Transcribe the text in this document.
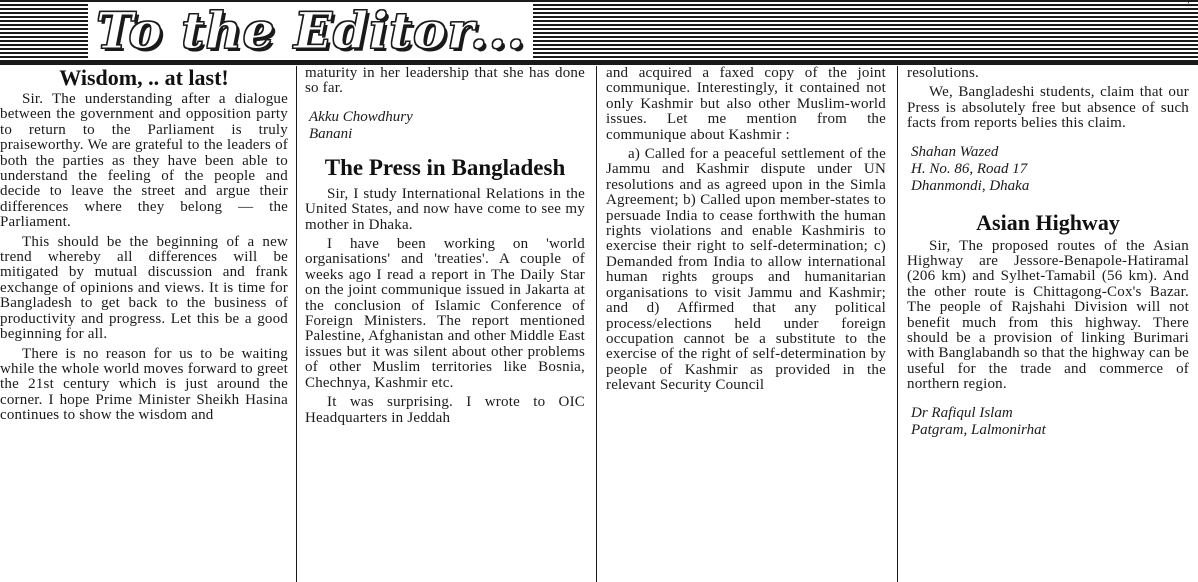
To the Editor...	'
Wisdom, .. at last!

Sir. The understanding after a dialogue between the government and opposition party to return to the Parliament is truly praiseworthy. We are grateful to the leaders of both the parties as they have been able to understand the feeling of the people and decide to leave the street and argue their differences where they belong — the Parliament.

This should be the beginning of a new trend whereby all differences will be mitigated by mutual discussion and frank exchange of opinions and views. It is time for Bangladesh to get back to the business of productivity and progress. Let this be a good beginning for all.

There is no reason for us to be waiting while the whole world moves forward to greet the 21st century which is just around the corner. I hope Prime Minister Sheikh Hasina continues to show the wisdom and

maturity in her leadership that she has done so far.

Akku Chowdhury
Banani
The Press in Bangladesh

Sir, I study International Relations in the United States, and now have come to see my mother in Dhaka.

I have been working on 'world organisations' and 'treaties'. A couple of weeks ago I read a report in The Daily Star on the joint communique issued in Jakarta at the conclusion of Islamic Conference of Foreign Ministers. The report mentioned Palestine, Afghanistan and other Middle East issues but it was silent about other problems of other Muslim territories like Bosnia, Chechnya, Kashmir etc.

It was surprising. I wrote to OIC Headquarters in Jeddah

and acquired a faxed copy of the joint communique. Interestingly, it contained not only Kashmir but also other Muslim-world issues. Let me mention from the communique about Kashmir :

a) Called for a peaceful settlement of the Jammu and Kashmir dispute under UN resolutions and as agreed upon in the Simla Agreement; b) Called upon member-states to persuade India to cease forthwith the human rights violations and enable Kashmiris to exercise their right to self-determination; c) Demanded from India to allow international human rights groups and humanitarian organisations to visit Jammu and Kashmir; and d) Affirmed that any political process/elections held under foreign occupation cannot be a substitute to the exercise of the right of self-determination by people of Kashmir as provided in the relevant Security Council

resolutions.

We, Bangladeshi students, claim that our Press is absolutely free but absence of such facts from reports belies this claim.

Shahan Wazed
H. No. 86, Road 17
Dhanmondi, Dhaka
Asian Highway

Sir, The proposed routes of the Asian Highway are Jessore-Benapole-Hatiramal (206 km) and Sylhet-Tamabil (56 km). And the other route is Chittagong-Cox's Bazar. The people of Rajshahi Division will not benefit much from this highway. There should be a provision of linking Burimari with Banglabandh so that the highway can be useful for the trade and commerce of northern region.

Dr Rafiqul Islam
Patgram, Lalmonirhat
